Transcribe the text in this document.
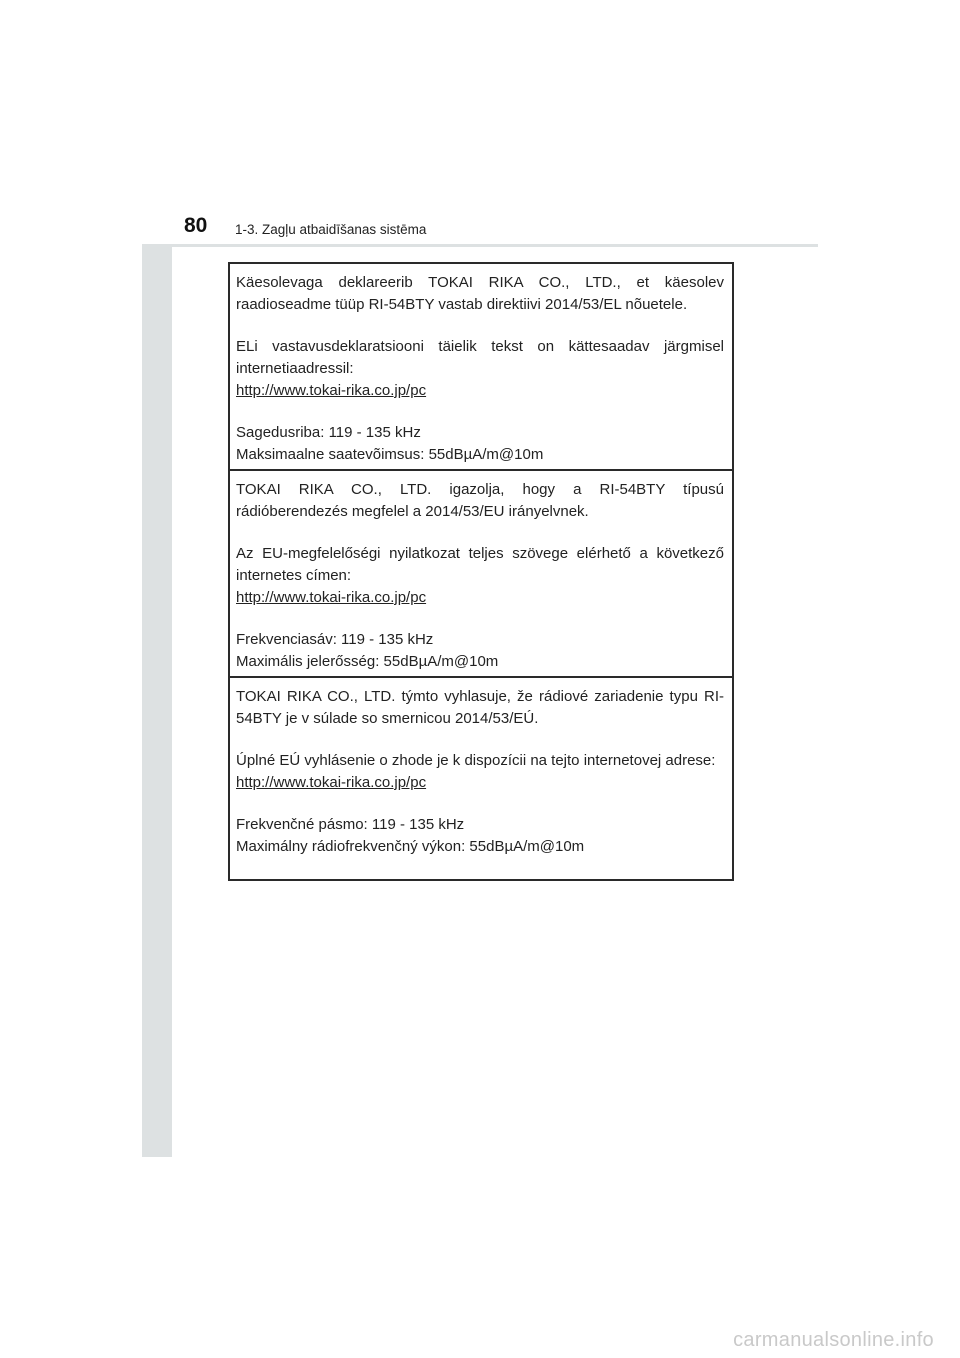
80 1-3. Zagļu atbaidīšanas sistēma

Käesolevaga deklareerib TOKAI RIKA CO., LTD., et käesolev raadioseadme tüüp RI-54BTY vastab direktiivi 2014/53/EL nõuetele.

ELi vastavusdeklaratsiooni täielik tekst on kättesaadav järgmisel internetiaadressil:

http://www.tokai-rika.co.jp/pc
Sagedusriba: 119 - 135 kHz
Maksimaalne saatevõimsus: 55dBµA/m@10m

TOKAI RIKA CO., LTD. igazolja, hogy a RI-54BTY típusú rádióberendezés megfelel a 2014/53/EU irányelvnek.

Az EU-megfelelőségi nyilatkozat teljes szövege elérhető a következő internetes címen:

http://www.tokai-rika.co.jp/pc
Frekvenciasáv: 119 - 135 kHz
Maximális jelerősség: 55dBµA/m@10m

TOKAI RIKA CO., LTD. týmto vyhlasuje, že rádiové zariadenie typu RI-54BTY je v súlade so smernicou 2014/53/EÚ.

Úplné EÚ vyhlásenie o zhode je k dispozícii na tejto internetovej adrese:

http://www.tokai-rika.co.jp/pc
Frekvenčné pásmo: 119 - 135 kHz
Maximálny rádiofrekvenčný výkon: 55dBµA/m@10m
carmanualsonline.info
